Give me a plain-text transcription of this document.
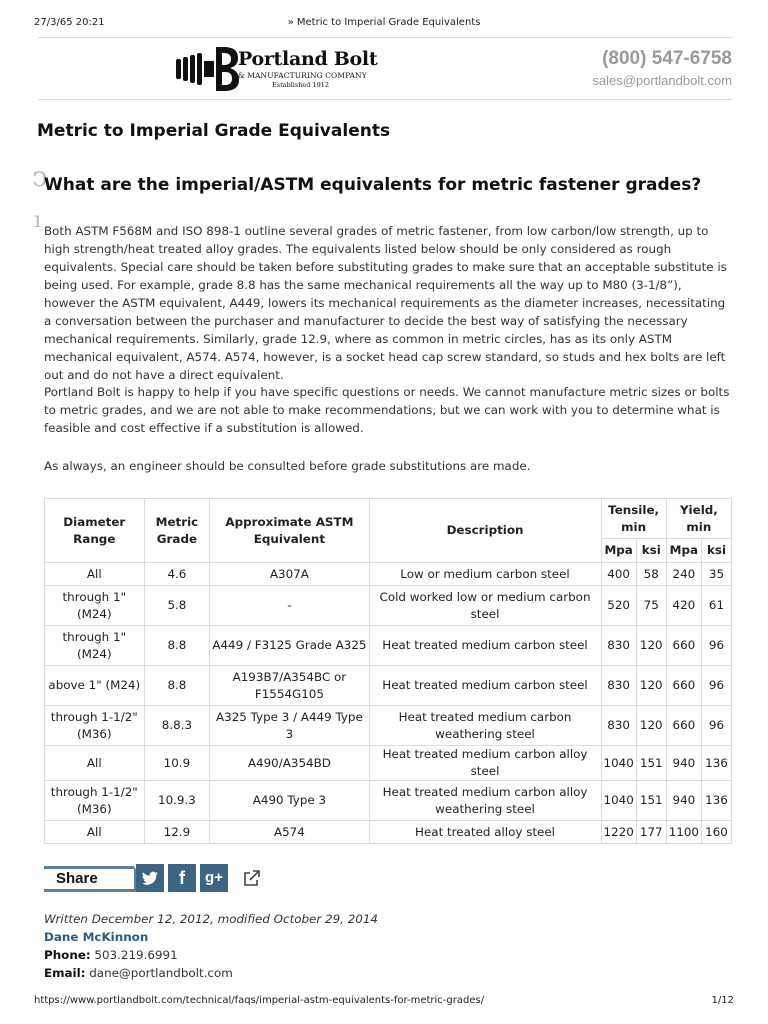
27/3/65 20:21	» Metric to Imperial Grade Equivalents
Portland Bolt
& MANUFACTURING COMPANY
Established 1912
(800) 547-6758
sales@portlandbolt.com
Metric to Imperial Grade Equivalents
ↄ
ı
What are the imperial/ASTM equivalents for metric fastener grades?

Both ASTM F568M and ISO 898-1 outline several grades of metric fastener, from low carbon/low strength, up to high strength/heat treated alloy grades. The equivalents listed below should be only considered as rough equivalents. Special care should be taken before substituting grades to make sure that an acceptable substitute is being used. For example, grade 8.8 has the same mechanical requirements all the way up to M80 (3-1/8”), however the ASTM equivalent, A449, lowers its mechanical requirements as the diameter increases, necessitating a conversation between the purchaser and manufacturer to decide the best way of satisfying the necessary mechanical requirements. Similarly, grade 12.9, where as common in metric circles, has as its only ASTM mechanical equivalent, A574. A574, however, is a socket head cap screw standard, so studs and hex bolts are left out and do not have a direct equivalent.

Portland Bolt is happy to help if you have specific questions or needs. We cannot manufacture metric sizes or bolts to metric grades, and we are not able to make recommendations, but we can work with you to determine what is feasible and cost effective if a substitution is allowed.

As always, an engineer should be consulted before grade substitutions are made.

Diameter Range	Metric Grade	Approximate ASTM Equivalent	Description	Tensile, min		Yield, min	
				Mpa	ksi	Mpa	ksi
All	4.6	A307A	Low or medium carbon steel	400	58	240	35
through 1" (M24)	5.8	-	Cold worked low or medium carbon steel	520	75	420	61
through 1" (M24)	8.8	A449 / F3125 Grade A325	Heat treated medium carbon steel	830	120	660	96
above 1" (M24)	8.8	A193B7/A354BC or F1554G105	Heat treated medium carbon steel	830	120	660	96
through 1-1/2" (M36)	8.8.3	A325 Type 3 / A449 Type 3	Heat treated medium carbon weathering steel	830	120	660	96
All	10.9	A490/A354BD	Heat treated medium carbon alloy steel	1040	151	940	136
through 1-1/2" (M36)	10.9.3	A490 Type 3	Heat treated medium carbon alloy weathering steel	1040	151	940	136
All	12.9	A574	Heat treated alloy steel	1220	177	1100	160
Share	f	g+
Written December 12, 2012, modified October 29, 2014
Dane McKinnon
Phone: 503.219.6991
Email: dane@portlandbolt.com
https://www.portlandbolt.com/technical/faqs/imperial-astm-equivalents-for-metric-grades/	1/12
